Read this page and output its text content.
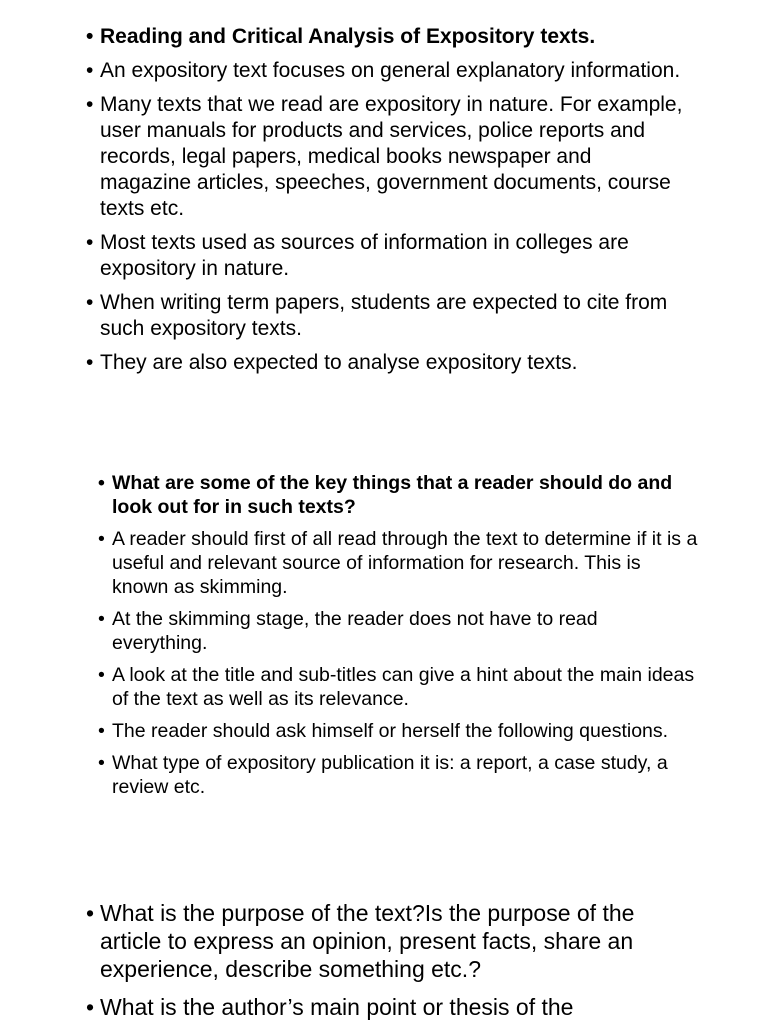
• Reading and Critical Analysis of Expository texts.
• An expository text focuses on general explanatory information.
• Many texts that we read are expository in nature. For example, user manuals for products and services, police reports and records, legal papers, medical books newspaper and magazine articles, speeches, government documents, course texts etc.
• Most texts used as sources of information in colleges are expository in nature.
• When writing term papers, students are expected to cite from such expository texts.
• They are also expected to analyse expository texts.
• What are some of the key things that a reader should do and look out for in such texts?
• A reader should first of all read through the text to determine if it is a useful and relevant source of information for research. This is known as skimming.
• At the skimming stage, the reader does not have to read everything.
• A look at the title and sub-titles can give a hint about the main ideas of the text as well as its relevance.
• The reader should ask himself or herself the following questions.
• What type of expository publication it is: a report, a case study, a review etc.
• What is the purpose of the text?Is the purpose of the article to express an opinion, present facts, share an experience, describe something etc.?
• What is the author’s main point or thesis of the
